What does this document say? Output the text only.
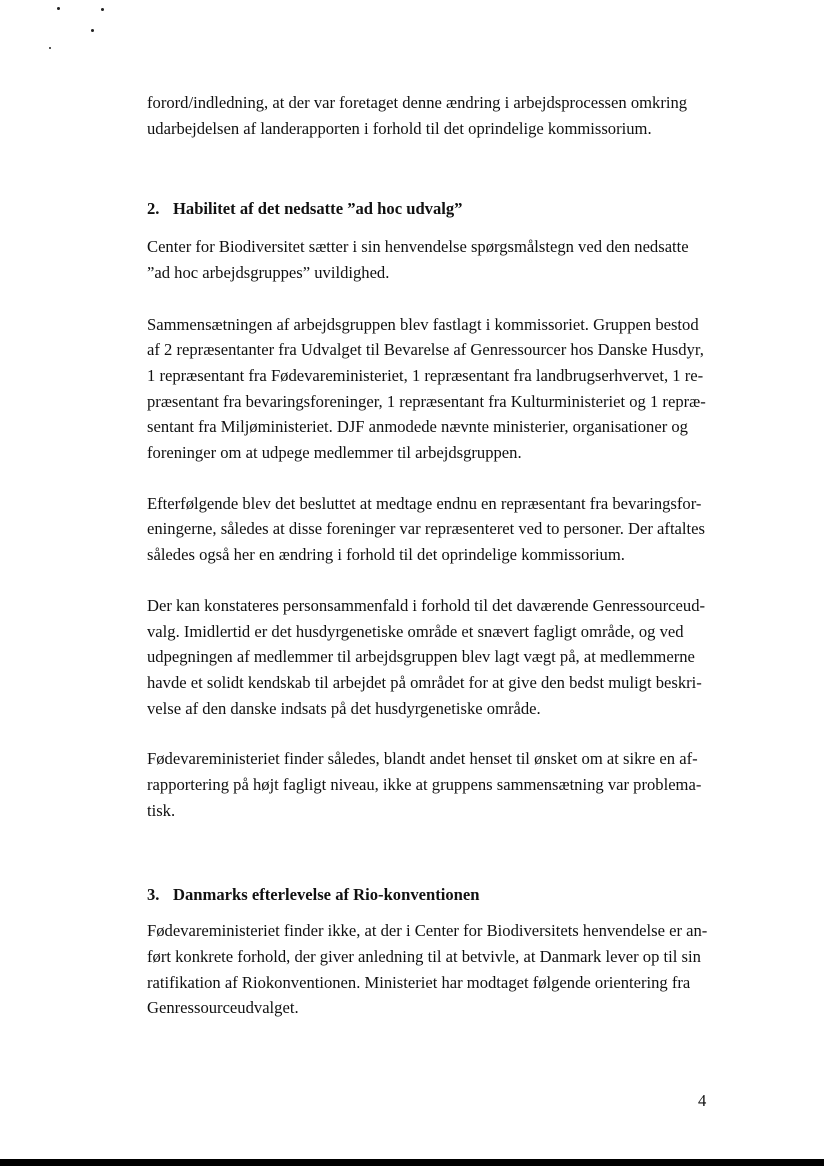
forord/indledning, at der var foretaget denne ændring i arbejdsprocessen omkring
udarbejdelsen af landerapporten i forhold til det oprindelige kommissorium.

2. Habilitet af det nedsatte ”ad hoc udvalg”

Center for Biodiversitet sætter i sin henvendelse spørgsmålstegn ved den nedsatte
”ad hoc arbejdsgruppes” uvildighed.

Sammensætningen af arbejdsgruppen blev fastlagt i kommissoriet. Gruppen bestod
af 2 repræsentanter fra Udvalget til Bevarelse af Genressourcer hos Danske Husdyr,
1 repræsentant fra Fødevareministeriet, 1 repræsentant fra landbrugserhvervet, 1 re-
præsentant fra bevaringsforeninger, 1 repræsentant fra Kulturministeriet og 1 repræ-
sentant fra Miljøministeriet. DJF anmodede nævnte ministerier, organisationer og
foreninger om at udpege medlemmer til arbejdsgruppen.

Efterfølgende blev det besluttet at medtage endnu en repræsentant fra bevaringsfor-
eningerne, således at disse foreninger var repræsenteret ved to personer. Der aftaltes
således også her en ændring i forhold til det oprindelige kommissorium.

Der kan konstateres personsammenfald i forhold til det daværende Genressourceud-
valg. Imidlertid er det husdyrgenetiske område et snævert fagligt område, og ved
udpegningen af medlemmer til arbejdsgruppen blev lagt vægt på, at medlemmerne
havde et solidt kendskab til arbejdet på området for at give den bedst muligt beskri-
velse af den danske indsats på det husdyrgenetiske område.

Fødevareministeriet finder således, blandt andet henset til ønsket om at sikre en af-
rapportering på højt fagligt niveau, ikke at gruppens sammensætning var problema-
tisk.

3. Danmarks efterlevelse af Rio-konventionen

Fødevareministeriet finder ikke, at der i Center for Biodiversitets henvendelse er an-
ført konkrete forhold, der giver anledning til at betvivle, at Danmark lever op til sin
ratifikation af Riokonventionen. Ministeriet har modtaget følgende orientering fra
Genressourceudvalget.

4
